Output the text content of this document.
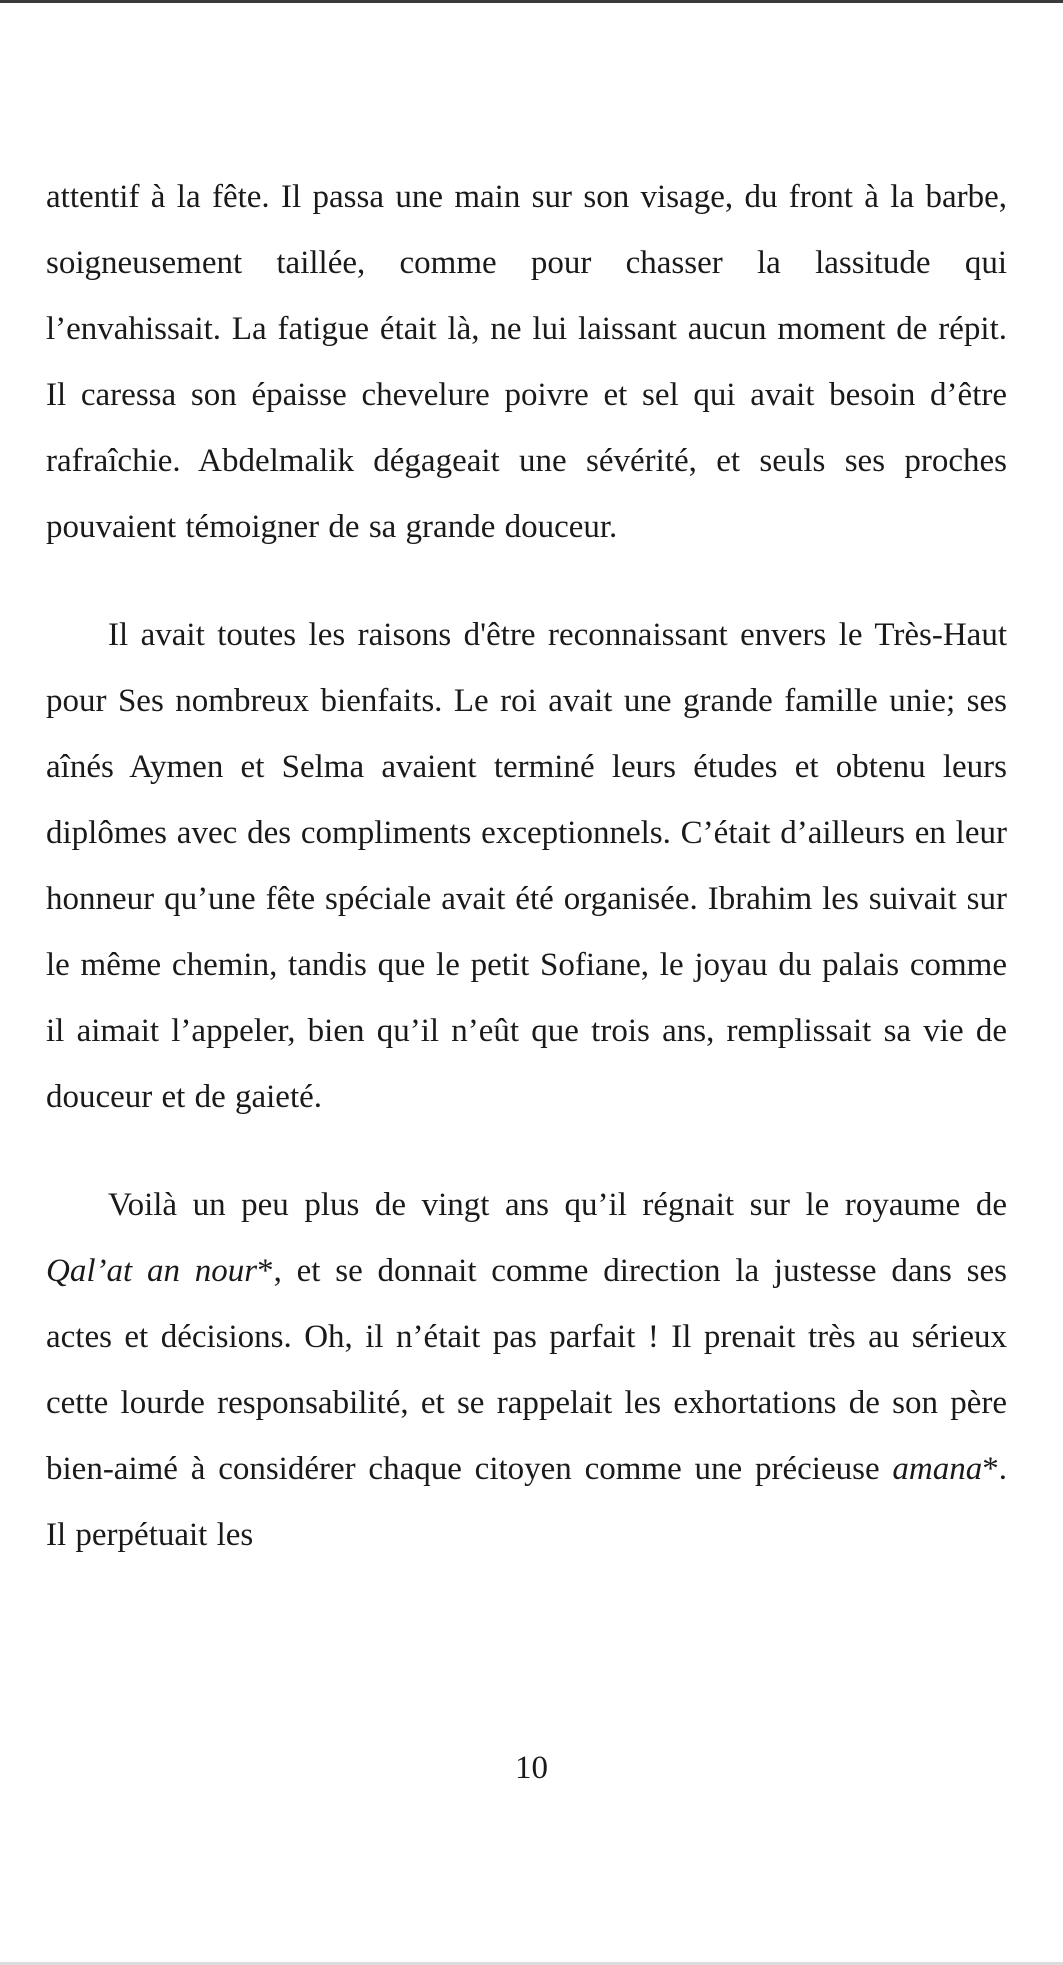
attentif à la fête. Il passa une main sur son visage, du front à la barbe, soigneusement taillée, comme pour chasser la lassitude qui l’envahissait. La fatigue était là, ne lui laissant aucun moment de répit. Il caressa son épaisse chevelure poivre et sel qui avait besoin d’être rafraîchie. Abdelmalik dégageait une sévérité, et seuls ses proches pouvaient témoigner de sa grande douceur.

Il avait toutes les raisons d'être reconnaissant envers le Très-Haut pour Ses nombreux bienfaits. Le roi avait une grande famille unie; ses aînés Aymen et Selma avaient terminé leurs études et obtenu leurs diplômes avec des compliments exceptionnels. C’était d’ailleurs en leur honneur qu’une fête spéciale avait été organisée. Ibrahim les suivait sur le même chemin, tandis que le petit Sofiane, le joyau du palais comme il aimait l’appeler, bien qu’il n’eût que trois ans, remplissait sa vie de douceur et de gaieté.

Voilà un peu plus de vingt ans qu’il régnait sur le royaume de Qal’at an nour*, et se donnait comme direction la justesse dans ses actes et décisions. Oh, il n’était pas parfait ! Il prenait très au sérieux cette lourde responsabilité, et se rappelait les exhortations de son père bien-aimé à considérer chaque citoyen comme une précieuse amana*. Il perpétuait les

10
